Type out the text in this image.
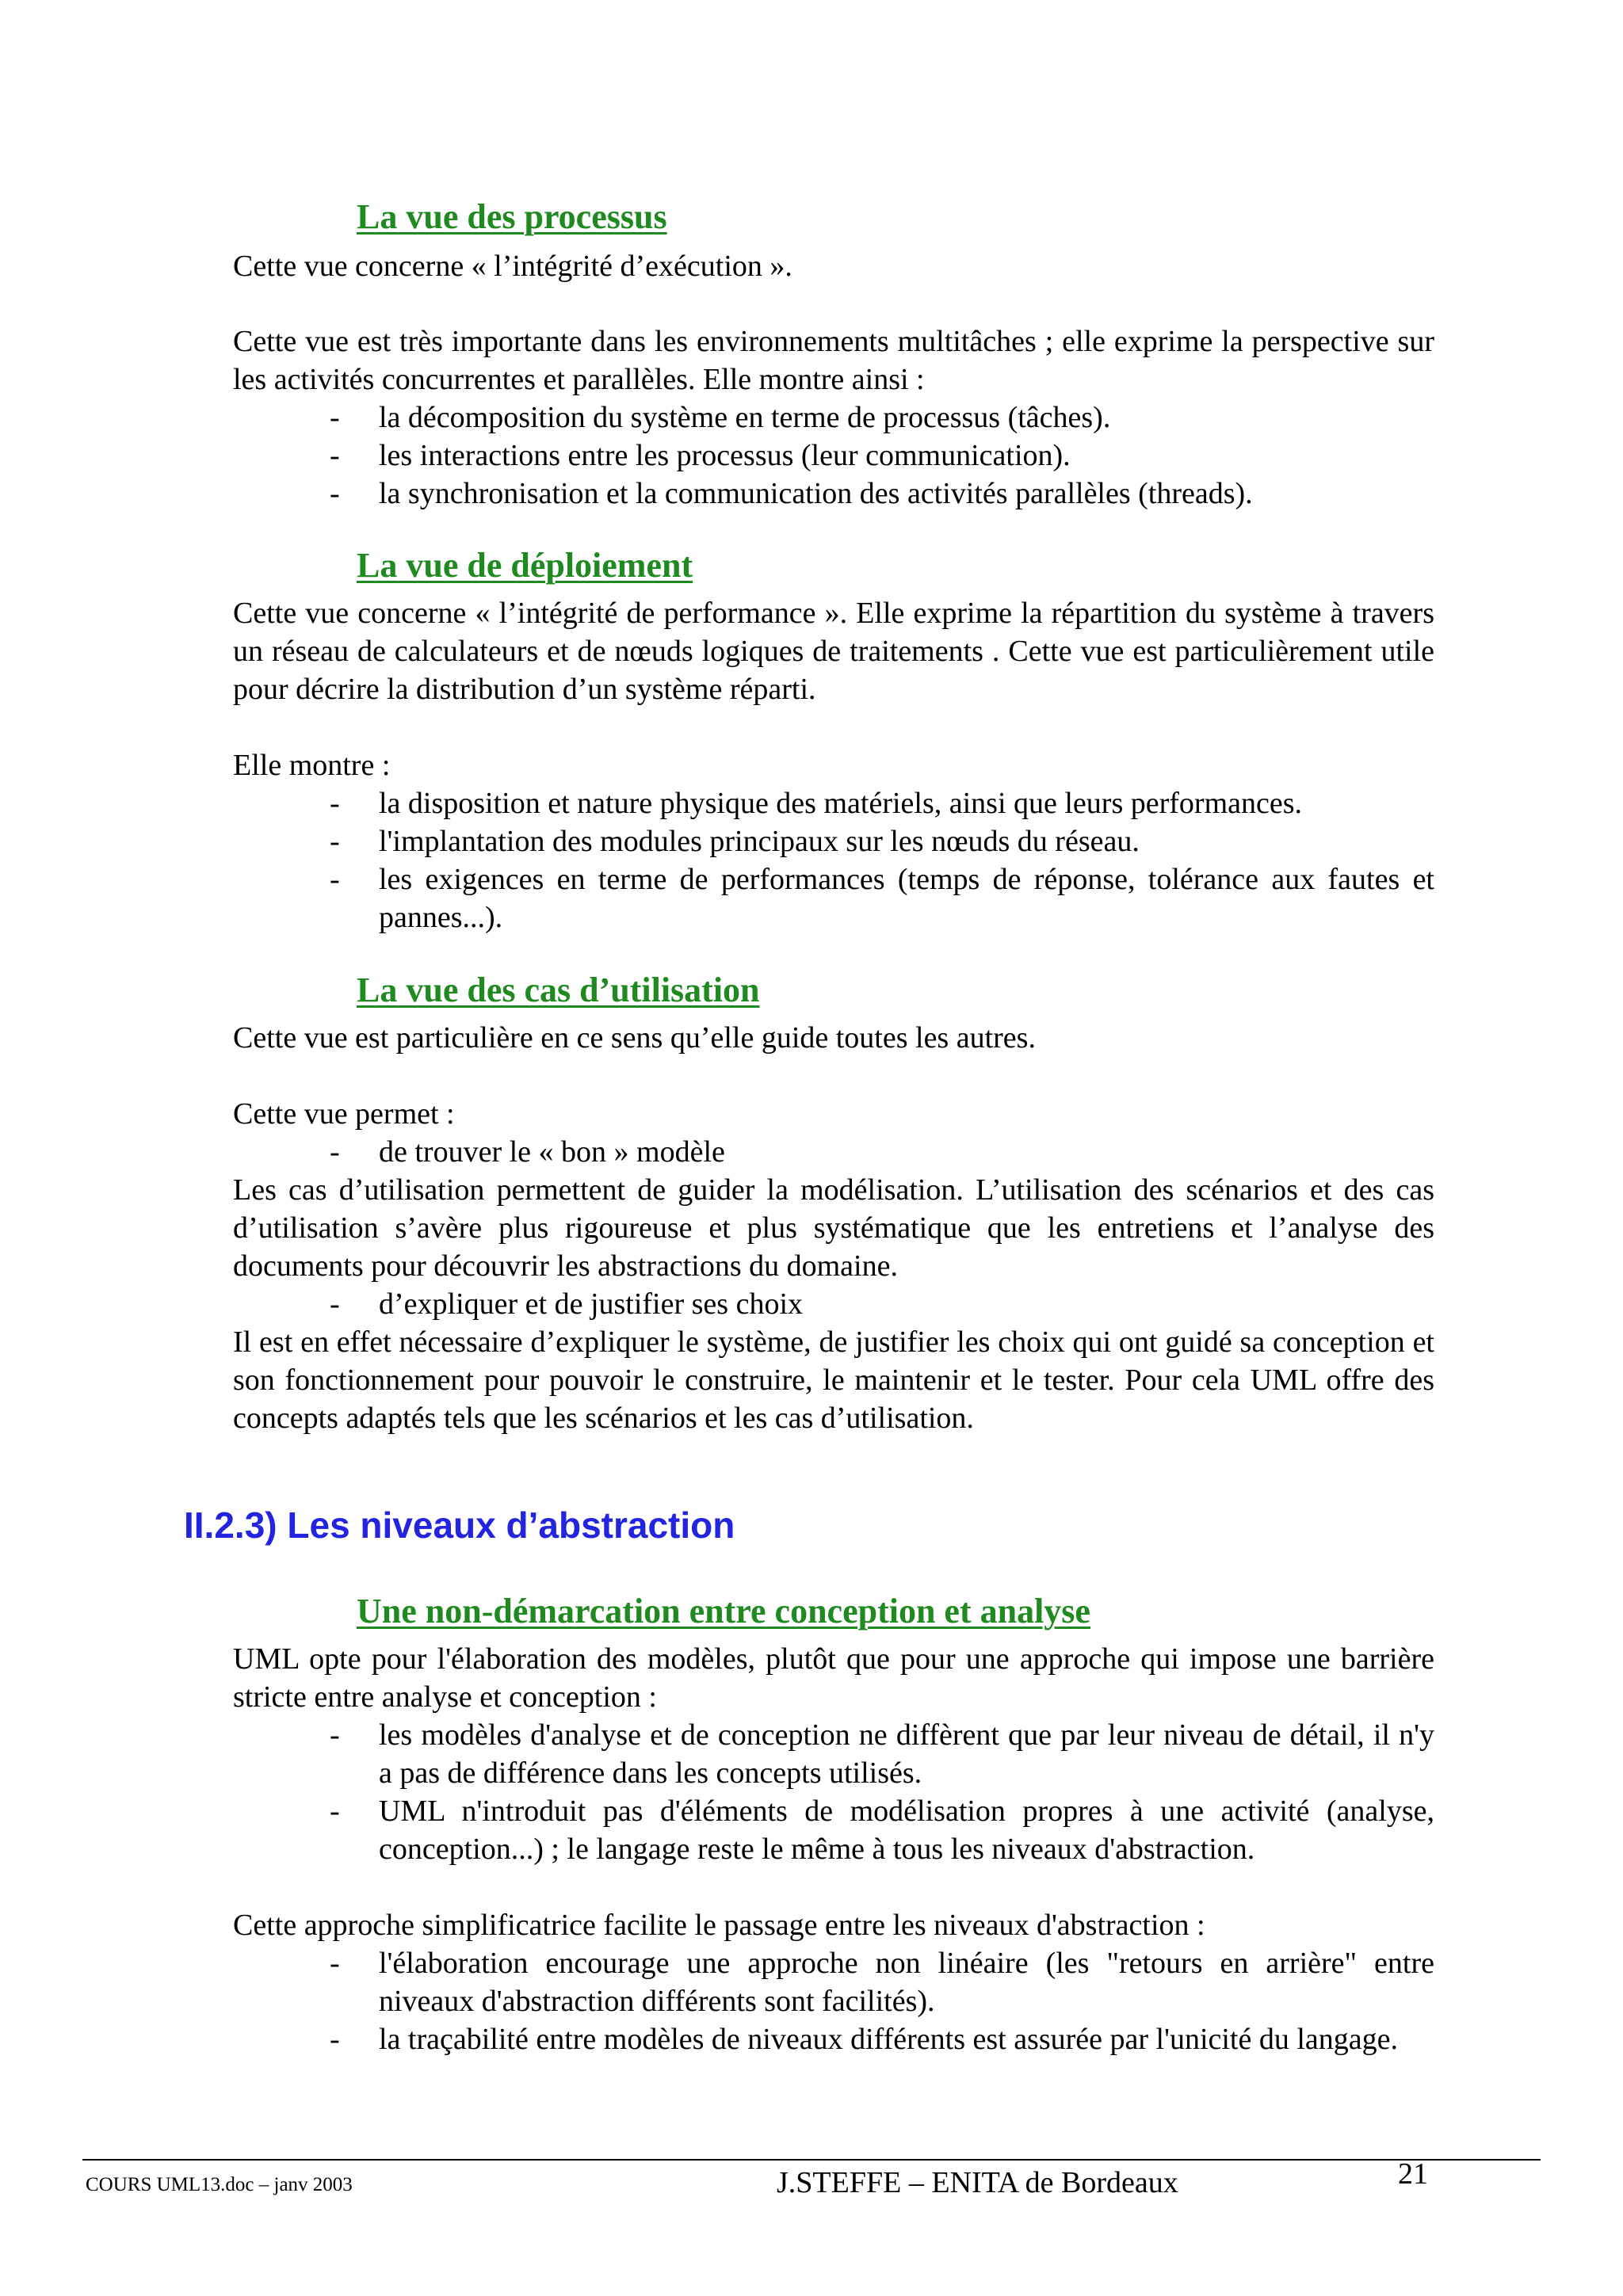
La vue des processus
Cette vue concerne « l’intégrité d’exécution ».

Cette vue est très importante dans les environnements multitâches ; elle exprime la perspective sur les activités concurrentes et parallèles. Elle montre ainsi :

- la décomposition du système en terme de processus (tâches).
- les interactions entre les processus (leur communication).
- la synchronisation et la communication des activités parallèles (threads).
La vue de déploiement

Cette vue concerne « l’intégrité de performance ». Elle exprime la répartition du système à travers un réseau de calculateurs et de nœuds logiques de traitements . Cette vue est particulièrement utile pour décrire la distribution d’un système réparti.

Elle montre :
- la disposition et nature physique des matériels, ainsi que leurs performances.
- l'implantation des modules principaux sur les nœuds du réseau.
- les exigences en terme de performances (temps de réponse, tolérance aux fautes et pannes...).
La vue des cas d’utilisation
Cette vue est particulière en ce sens qu’elle guide toutes les autres.
Cette vue permet :
- de trouver le « bon » modèle

Les cas d’utilisation permettent de guider la modélisation. L’utilisation des scénarios et des cas d’utilisation s’avère plus rigoureuse et plus systématique que les entretiens et l’analyse des documents pour découvrir les abstractions du domaine.

- d’expliquer et de justifier ses choix

Il est en effet nécessaire d’expliquer le système, de justifier les choix qui ont guidé sa conception et son fonctionnement pour pouvoir le construire, le maintenir et le tester. Pour cela UML offre des concepts adaptés tels que les scénarios et les cas d’utilisation.

II.2.3) Les niveaux d’abstraction
Une non-démarcation entre conception et analyse

UML opte pour l'élaboration des modèles, plutôt que pour une approche qui impose une barrière stricte entre analyse et conception :

- les modèles d'analyse et de conception ne diffèrent que par leur niveau de détail, il n'y a pas de différence dans les concepts utilisés.
- UML n'introduit pas d'éléments de modélisation propres à une activité (analyse, conception...) ; le langage reste le même à tous les niveaux d'abstraction.
Cette approche simplificatrice facilite le passage entre les niveaux d'abstraction :
- l'élaboration encourage une approche non linéaire (les "retours en arrière" entre niveaux d'abstraction différents sont facilités).
- la traçabilité entre modèles de niveaux différents est assurée par l'unicité du langage.
COURS UML13.doc – janv 2003	J.STEFFE – ENITA de Bordeaux	21
